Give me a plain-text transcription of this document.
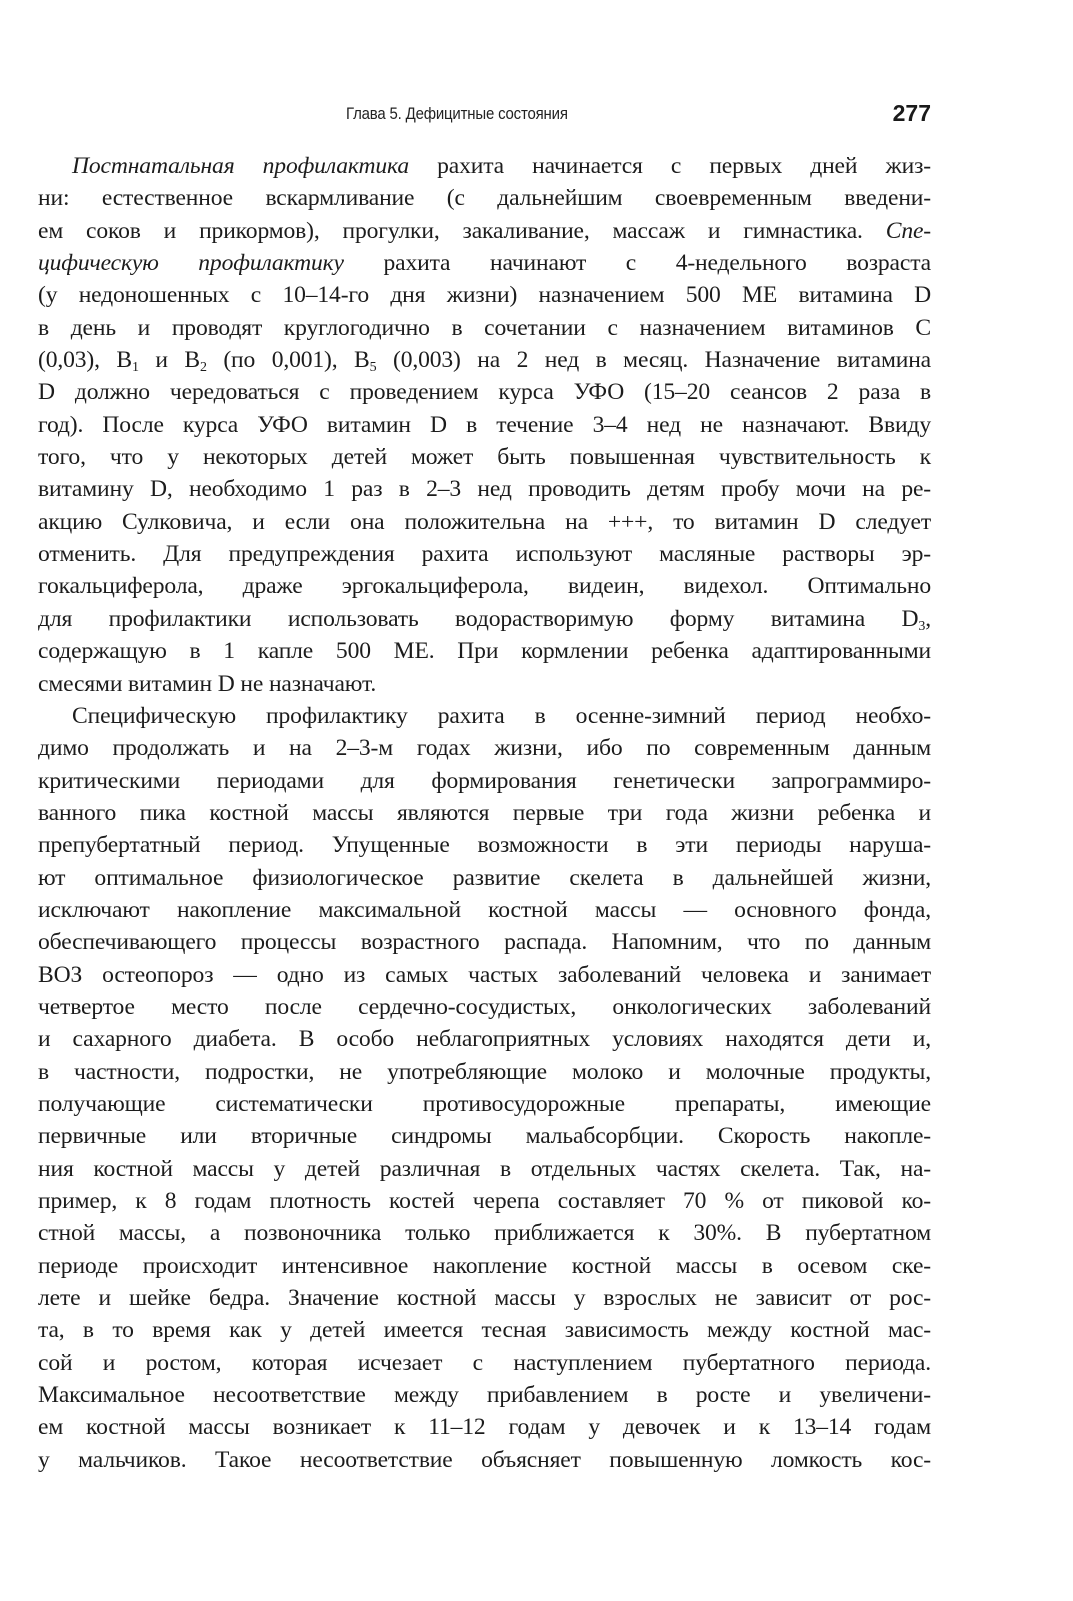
Глава 5. Дефицитные состояния	277
Постнатальная профилактика рахита начинается с первых дней жиз-
ни: естественное вскармливание (с дальнейшим своевременным введени-
ем соков и прикормов), прогулки, закаливание, массаж и гимнастика. Спе-
цифическую профилактику рахита начинают с 4-недельного возраста
(у недоношенных с 10–14-го дня жизни) назначением 500 МЕ витамина D
в день и проводят круглогодично в сочетании с назначением витаминов С
(0,03), $В_1$ и $В_2$ (по 0,001), $В_5$ (0,003) на 2 нед в месяц. Назначение витамина
D должно чередоваться с проведением курса УФО (15–20 сеансов 2 раза в
год). После курса УФО витамин D в течение 3–4 нед не назначают. Ввиду
того, что у некоторых детей может быть повышенная чувствительность к
витамину D, необходимо 1 раз в 2–3 нед проводить детям пробу мочи на ре-
акцию Сулковича, и если она положительна на +++, то витамин D следует
отменить. Для предупреждения рахита используют масляные растворы эр-
гокальциферола, драже эргокальциферола, видеин, видехол. Оптимально
для профилактики использовать водорастворимую форму витамина $D_3$,
содержащую в 1 капле 500 МЕ. При кормлении ребенка адаптированными
смесями витамин D не назначают.
Специфическую профилактику рахита в осенне-зимний период необхо-
димо продолжать и на 2–3-м годах жизни, ибо по современным данным
критическими периодами для формирования генетически запрограммиро-
ванного пика костной массы являются первые три года жизни ребенка и
препубертатный период. Упущенные возможности в эти периоды наруша-
ют оптимальное физиологическое развитие скелета в дальнейшей жизни,
исключают накопление максимальной костной массы — основного фонда,
обеспечивающего процессы возрастного распада. Напомним, что по данным
ВОЗ остеопороз — одно из самых частых заболеваний человека и занимает
четвертое место после сердечно-сосудистых, онкологических заболеваний
и сахарного диабета. В особо неблагоприятных условиях находятся дети и,
в частности, подростки, не употребляющие молоко и молочные продукты,
получающие систематически противосудорожные препараты, имеющие
первичные или вторичные синдромы мальабсорбции. Скорость накопле-
ния костной массы у детей различная в отдельных частях скелета. Так, на-
пример, к 8 годам плотность костей черепа составляет 70 % от пиковой ко-
стной массы, а позвоночника только приближается к 30%. В пубертатном
периоде происходит интенсивное накопление костной массы в осевом ске-
лете и шейке бедра. Значение костной массы у взрослых не зависит от рос-
та, в то время как у детей имеется тесная зависимость между костной мас-
сой и ростом, которая исчезает с наступлением пубертатного периода.
Максимальное несоответствие между прибавлением в росте и увеличени-
ем костной массы возникает к 11–12 годам у девочек и к 13–14 годам
у мальчиков. Такое несоответствие объясняет повышенную ломкость кос-
